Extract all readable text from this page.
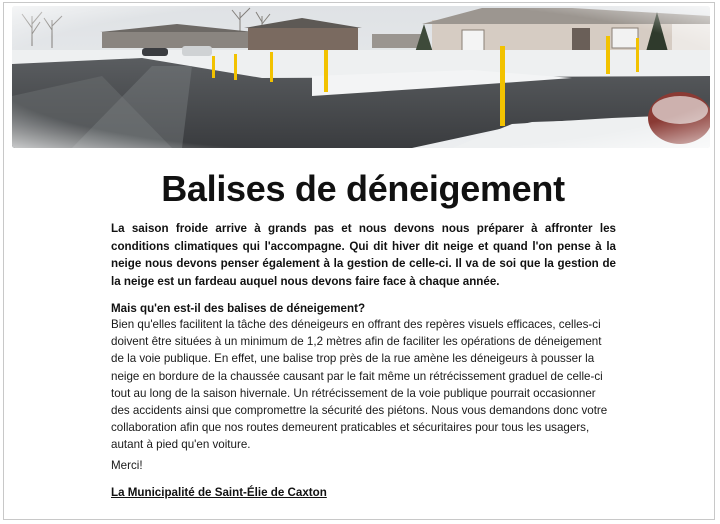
Balises de déneigement
La saison froide arrive à grands pas et nous devons nous préparer à affronter les conditions climatiques qui l'accompagne. Qui dit hiver dit neige et quand l'on pense à la neige nous devons penser également à la gestion de celle-ci. Il va de soi que la gestion de la neige est un fardeau auquel nous devons faire face à chaque année.
Mais qu'en est-il des balises de déneigement?
Bien qu'elles facilitent la tâche des déneigeurs en offrant des repères visuels efficaces, celles-ci doivent être situées à un minimum de 1,2 mètres afin de faciliter les opérations de déneigement de la voie publique. En effet, une balise trop près de la rue amène les déneigeurs à pousser la neige en bordure de la chaussée causant par le fait même un rétrécissement graduel de celle-ci tout au long de la saison hivernale. Un rétrécissement de la voie publique pourrait occasionner des accidents ainsi que compromettre la sécurité des piétons. Nous vous demandons donc votre collaboration afin que nos routes demeurent praticables et sécuritaires pour tous les usagers, autant à pied qu'en voiture.
Merci!
La Municipalité de Saint-Élie de Caxton
